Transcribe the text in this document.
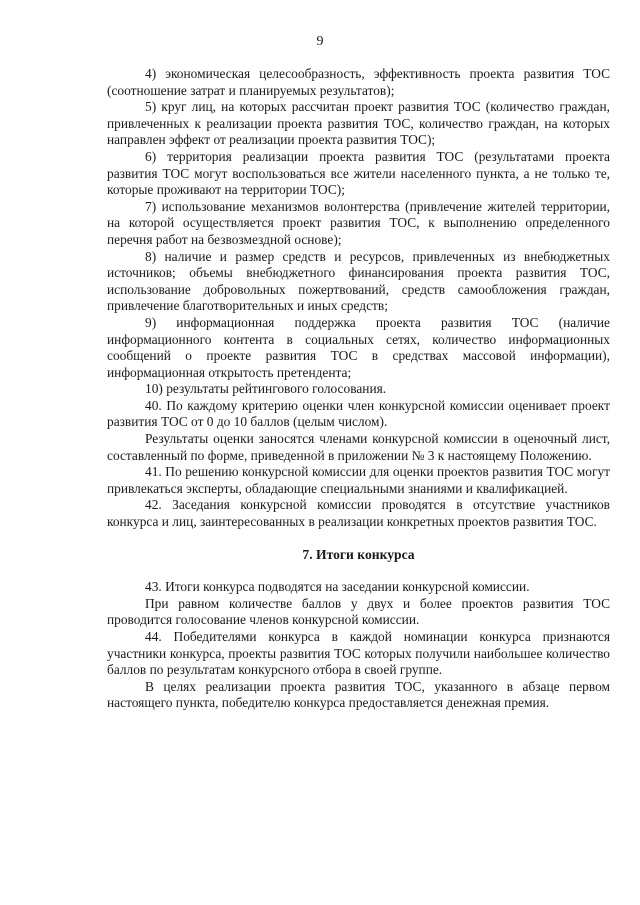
9

4) экономическая целесообразность, эффективность проекта развития ТОС (соотношение затрат и планируемых результатов);

5) круг лиц, на которых рассчитан проект развития ТОС (количество граждан, привлеченных к реализации проекта развития ТОС, количество граждан, на которых направлен эффект от реализации проекта развития ТОС);

6) территория реализации проекта развития ТОС (результатами проекта развития ТОС могут воспользоваться все жители населенного пункта, а не только те, которые проживают на территории ТОС);

7) использование механизмов волонтерства (привлечение жителей территории, на которой осуществляется проект развития ТОС, к выполнению определенного перечня работ на безвозмездной основе);

8) наличие и размер средств и ресурсов, привлеченных из внебюджетных источников; объемы внебюджетного финансирования проекта развития ТОС, использование добровольных пожертвований, средств самообложения граждан, привлечение благотворительных и иных средств;

9) информационная поддержка проекта развития ТОС (наличие информационного контента в социальных сетях, количество информационных сообщений о проекте развития ТОС в средствах массовой информации), информационная открытость претендента;

10) результаты рейтингового голосования.

40. По каждому критерию оценки член конкурсной комиссии оценивает проект развития ТОС от 0 до 10 баллов (целым числом).

Результаты оценки заносятся членами конкурсной комиссии в оценочный лист, составленный по форме, приведенной в приложении № 3 к настоящему Положению.

41. По решению конкурсной комиссии для оценки проектов развития ТОС могут привлекаться эксперты, обладающие специальными знаниями и квалификацией.

42. Заседания конкурсной комиссии проводятся в отсутствие участников конкурса и лиц, заинтересованных в реализации конкретных проектов развития ТОС.

7. Итоги конкурса

43. Итоги конкурса подводятся на заседании конкурсной комиссии.

При равном количестве баллов у двух и более проектов развития ТОС проводится голосование членов конкурсной комиссии.

44. Победителями конкурса в каждой номинации конкурса признаются участники конкурса, проекты развития ТОС которых получили наибольшее количество баллов по результатам конкурсного отбора в своей группе.

В целях реализации проекта развития ТОС, указанного в абзаце первом настоящего пункта, победителю конкурса предоставляется денежная премия.
